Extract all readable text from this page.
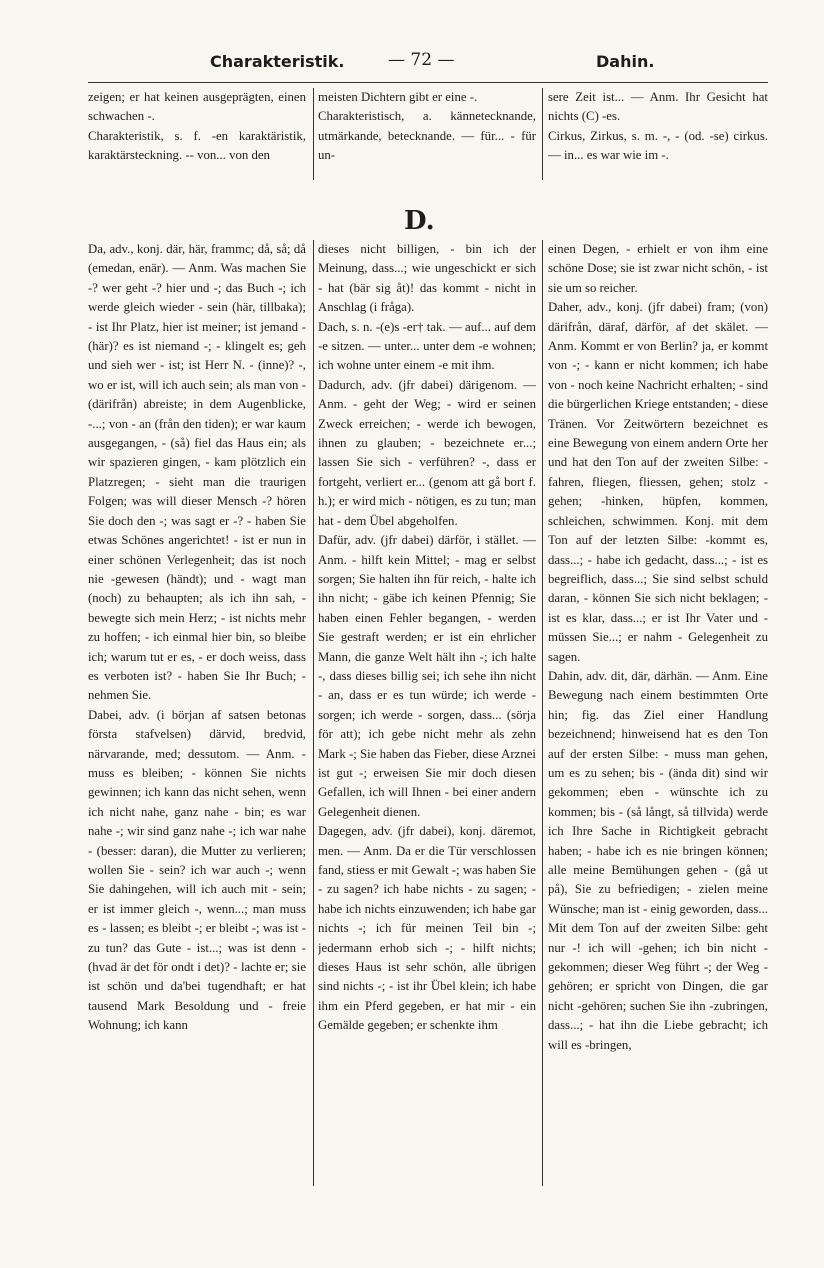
Charakteristik.	— 72 —	Dahin.

zeigen; er hat keinen ausgeprägten, einen schwachen -.

Charakteristik, s. f. -en karaktäristik, karaktärsteckning. -- von... von den

meisten Dichtern gibt er eine -.

Charakteristisch, a. kännetecknande, utmärkande, betecknande. — für... - für un-

sere Zeit ist... — Anm. Ihr Gesicht hat nichts (C) -es.

Cirkus, Zirkus, s. m. -, - (od. -se) cirkus. — in... es war wie im -.

D.

Da, adv., konj. där, här, frammc; då, så; då (emedan, enär). — Anm. Was machen Sie -? wer geht -? hier und -; das Buch -; ich werde gleich wieder - sein (här, tillbaka); - ist Ihr Platz, hier ist meiner; ist jemand - (här)? es ist niemand -; - klingelt es; geh und sieh wer - ist; ist Herr N. - (inne)? -, wo er ist, will ich auch sein; als man von - (därifrån) abreiste; in dem Augenblicke, -...; von - an (från den tiden); er war kaum ausgegangen, - (så) fiel das Haus ein; als wir spazieren gingen, - kam plötzlich ein Platzregen; - sieht man die traurigen Folgen; was will dieser Mensch -? hören Sie doch den -; was sagt er -? - haben Sie etwas Schönes angerichtet! - ist er nun in einer schönen Verlegenheit; das ist noch nie -gewesen (händt); und - wagt man (noch) zu behaupten; als ich ihn sah, - bewegte sich mein Herz; - ist nichts mehr zu hoffen; - ich einmal hier bin, so bleibe ich; warum tut er es, - er doch weiss, dass es verboten ist? - haben Sie Ihr Buch; - nehmen Sie.

Dabei, adv. (i början af satsen betonas första stafvelsen) därvid, bredvid, närvarande, med; dessutom. — Anm. - muss es bleiben; - können Sie nichts gewinnen; ich kann das nicht sehen, wenn ich nicht nahe, ganz nahe - bin; es war nahe -; wir sind ganz nahe -; ich war nahe - (besser: daran), die Mutter zu verlieren; wollen Sie - sein? ich war auch -; wenn Sie dahingehen, will ich auch mit - sein; er ist immer gleich -, wenn...; man muss es - lassen; es bleibt -; er bleibt -; was ist - zu tun? das Gute - ist...; was ist denn - (hvad är det för ondt i det)? - lachte er; sie ist schön und da'bei tugendhaft; er hat tausend Mark Besoldung und - freie Wohnung; ich kann

dieses nicht billigen, - bin ich der Meinung, dass...; wie ungeschickt er sich - hat (bär sig åt)! das kommt - nicht in Anschlag (i fråga).

Dach, s. n. -(e)s -er† tak. — auf... auf dem -e sitzen. — unter... unter dem -e wohnen; ich wohne unter einem -e mit ihm.

Dadurch, adv. (jfr dabei) därigenom. — Anm. - geht der Weg; - wird er seinen Zweck erreichen; - werde ich bewogen, ihnen zu glauben; - bezeichnete er...; lassen Sie sich - verführen? -, dass er fortgeht, verliert er... (genom att gå bort f. h.); er wird mich - nötigen, es zu tun; man hat - dem Übel abgeholfen.

Dafür, adv. (jfr dabei) därför, i stället. — Anm. - hilft kein Mittel; - mag er selbst sorgen; Sie halten ihn für reich, - halte ich ihn nicht; - gäbe ich keinen Pfennig; Sie haben einen Fehler begangen, - werden Sie gestraft werden; er ist ein ehrlicher Mann, die ganze Welt hält ihn -; ich halte -, dass dieses billig sei; ich sehe ihn nicht - an, dass er es tun würde; ich werde - sorgen; ich werde - sorgen, dass... (sörja för att); ich gebe nicht mehr als zehn Mark -; Sie haben das Fieber, diese Arznei ist gut -; erweisen Sie mir doch diesen Gefallen, ich will Ihnen - bei einer andern Gelegenheit dienen.

Dagegen, adv. (jfr dabei), konj. däremot, men. — Anm. Da er die Tür verschlossen fand, stiess er mit Gewalt -; was haben Sie - zu sagen? ich habe nichts - zu sagen; - habe ich nichts einzuwenden; ich habe gar nichts -; ich für meinen Teil bin -; jedermann erhob sich -; - hilft nichts; dieses Haus ist sehr schön, alle übrigen sind nichts -; - ist ihr Übel klein; ich habe ihm ein Pferd gegeben, er hat mir - ein Gemälde gegeben; er schenkte ihm

einen Degen, - erhielt er von ihm eine schöne Dose; sie ist zwar nicht schön, - ist sie um so reicher.

Daher, adv., konj. (jfr dabei) fram; (von) därifrån, däraf, därför, af det skälet. — Anm. Kommt er von Berlin? ja, er kommt von -; - kann er nicht kommen; ich habe von - noch keine Nachricht erhalten; - sind die bürgerlichen Kriege entstanden; - diese Tränen. Vor Zeitwörtern bezeichnet es eine Bewegung von einem andern Orte her und hat den Ton auf der zweiten Silbe: -fahren, fliegen, fliessen, gehen; stolz - gehen; -hinken, hüpfen, kommen, schleichen, schwimmen. Konj. mit dem Ton auf der letzten Silbe: -kommt es, dass...; - habe ich gedacht, dass...; - ist es begreiflich, dass...; Sie sind selbst schuld daran, - können Sie sich nicht beklagen; - ist es klar, dass...; er ist Ihr Vater und - müssen Sie...; er nahm - Gelegenheit zu sagen.

Dahin, adv. dit, där, därhän. — Anm. Eine Bewegung nach einem bestimmten Orte hin; fig. das Ziel einer Handlung bezeichnend; hinweisend hat es den Ton auf der ersten Silbe: - muss man gehen, um es zu sehen; bis - (ända dit) sind wir gekommen; eben - wünschte ich zu kommen; bis - (så långt, så tillvida) werde ich Ihre Sache in Richtigkeit gebracht haben; - habe ich es nie bringen können; alle meine Bemühungen gehen - (gå ut på), Sie zu befriedigen; - zielen meine Wünsche; man ist - einig geworden, dass... Mit dem Ton auf der zweiten Silbe: geht nur -! ich will -gehen; ich bin nicht -gekommen; dieser Weg führt -; der Weg - gehören; er spricht von Dingen, die gar nicht -gehören; suchen Sie ihn -zubringen, dass...; - hat ihn die Liebe gebracht; ich will es -bringen,
